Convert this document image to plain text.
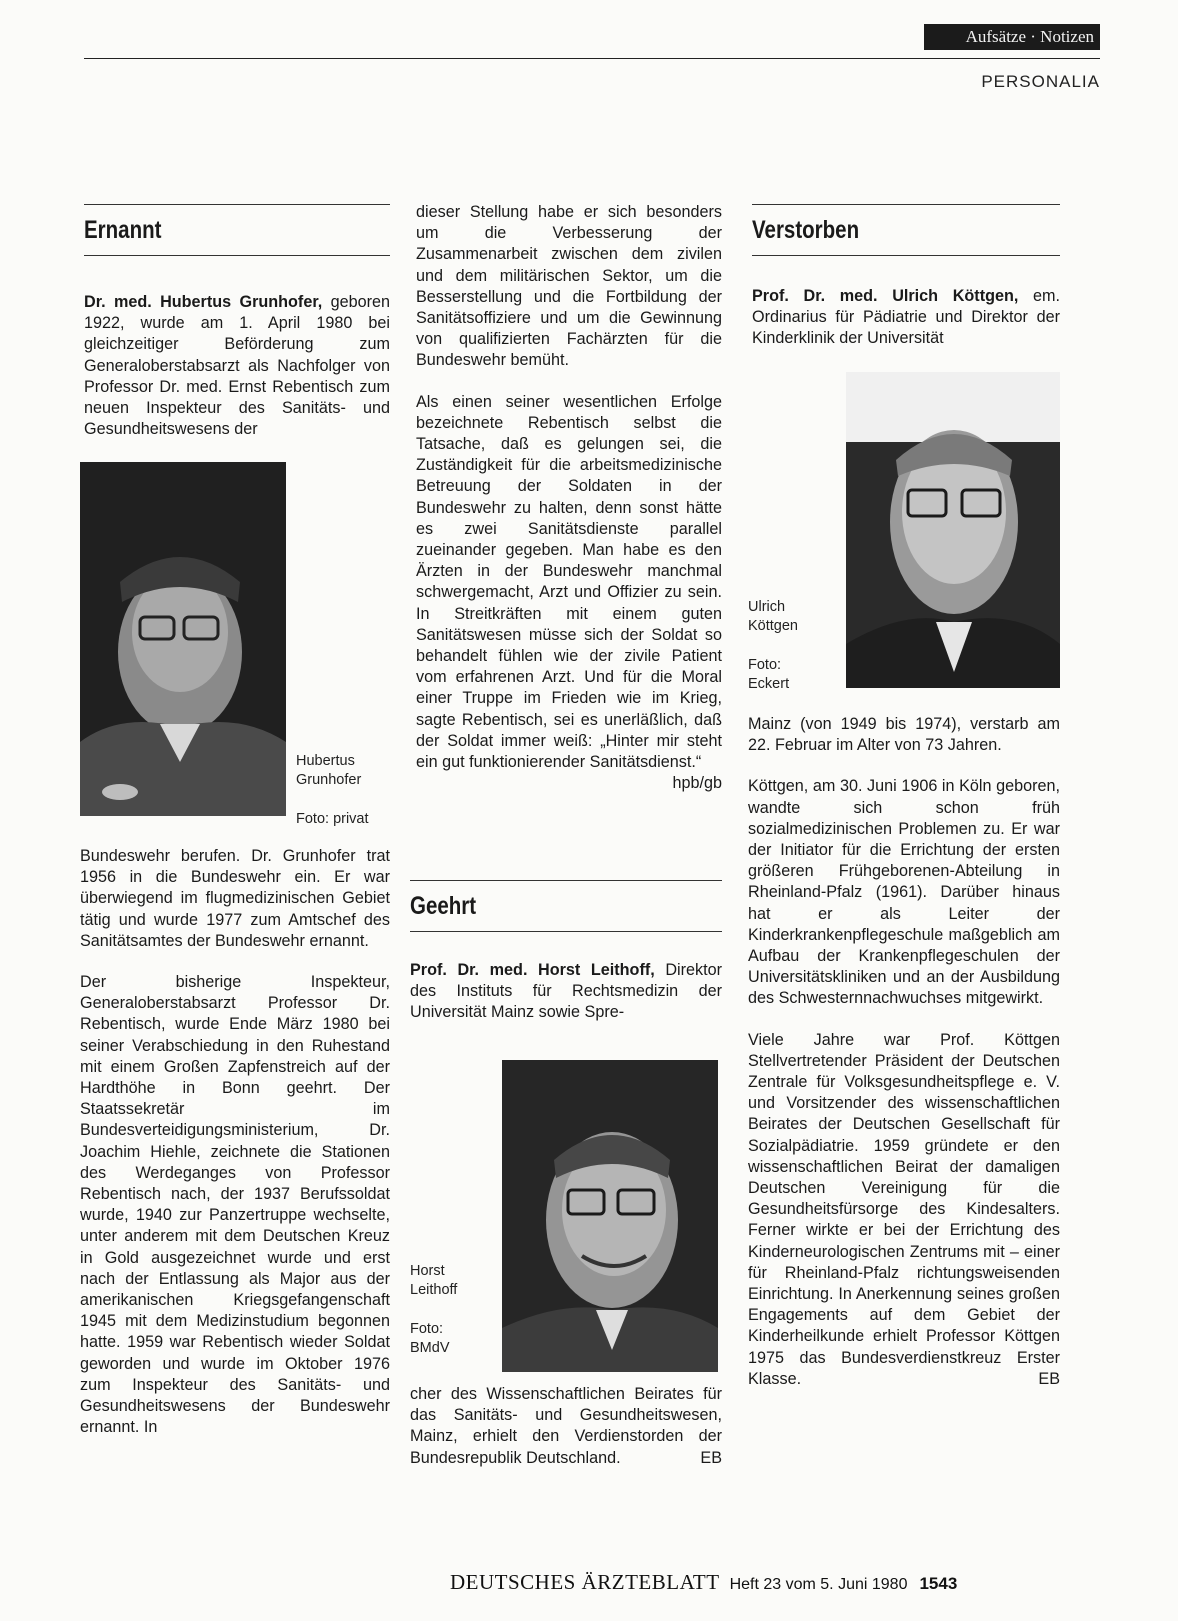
Aufsätze · Notizen
PERSONALIA
Ernannt

Dr. med. Hubertus Grunhofer, geboren 1922, wurde am 1. April 1980 bei gleichzeitiger Beförderung zum Generaloberstabsarzt als Nachfolger von Professor Dr. med. Ernst Rebentisch zum neuen Inspekteur des Sanitäts- und Gesundheitswesens der

Hubertus
Grunhofer
Foto: privat

Bundeswehr berufen. Dr. Grunhofer trat 1956 in die Bundeswehr ein. Er war überwiegend im flugmedizinischen Gebiet tätig und wurde 1977 zum Amtschef des Sanitätsamtes der Bundeswehr ernannt.

Der bisherige Inspekteur, Generaloberstabsarzt Professor Dr. Rebentisch, wurde Ende März 1980 bei seiner Verabschiedung in den Ruhestand mit einem Großen Zapfenstreich auf der Hardthöhe in Bonn geehrt. Der Staatssekretär im Bundesverteidigungsministerium, Dr. Joachim Hiehle, zeichnete die Stationen des Werdeganges von Professor Rebentisch nach, der 1937 Berufssoldat wurde, 1940 zur Panzertruppe wechselte, unter anderem mit dem Deutschen Kreuz in Gold ausgezeichnet wurde und erst nach der Entlassung als Major aus der amerikanischen Kriegsgefangenschaft 1945 mit dem Medizinstudium begonnen hatte. 1959 war Rebentisch wieder Soldat geworden und wurde im Oktober 1976 zum Inspekteur des Sanitäts- und Gesundheitswesens der Bundeswehr ernannt. In

dieser Stellung habe er sich besonders um die Verbesserung der Zusammenarbeit zwischen dem zivilen und dem militärischen Sektor, um die Besserstellung und die Fortbildung der Sanitätsoffiziere und um die Gewinnung von qualifizierten Fachärzten für die Bundeswehr bemüht.

Als einen seiner wesentlichen Erfolge bezeichnete Rebentisch selbst die Tatsache, daß es gelungen sei, die Zuständigkeit für die arbeitsmedizinische Betreuung der Soldaten in der Bundeswehr zu halten, denn sonst hätte es zwei Sanitätsdienste parallel zueinander gegeben. Man habe es den Ärzten in der Bundeswehr manchmal schwergemacht, Arzt und Offizier zu sein. In Streitkräften mit einem guten Sanitätswesen müsse sich der Soldat so behandelt fühlen wie der zivile Patient vom erfahrenen Arzt. Und für die Moral einer Truppe im Frieden wie im Krieg, sagte Rebentisch, sei es unerläßlich, daß der Soldat immer weiß: „Hinter mir steht ein gut funktionierender Sanitätsdienst.“
hpb/gb

Geehrt

Prof. Dr. med. Horst Leithoff, Direktor des Instituts für Rechtsmedizin der Universität Mainz sowie Spre-

Horst
Leithoff
Foto:
BMdV

cher des Wissenschaftlichen Beirates für das Sanitäts- und Gesundheitswesen, Mainz, erhielt den Verdienstorden der Bundesrepublik Deutschland.	EB

Verstorben

Prof. Dr. med. Ulrich Köttgen, em. Ordinarius für Pädiatrie und Direktor der Kinderklinik der Universität

Ulrich
Köttgen
Foto:
Eckert

Mainz (von 1949 bis 1974), verstarb am 22. Februar im Alter von 73 Jahren.

Köttgen, am 30. Juni 1906 in Köln geboren, wandte sich schon früh sozialmedizinischen Problemen zu. Er war der Initiator für die Errichtung der ersten größeren Frühgeborenen-Abteilung in Rheinland-Pfalz (1961). Darüber hinaus hat er als Leiter der Kinderkrankenpflegeschule maßgeblich am Aufbau der Krankenpflegeschulen der Universitätskliniken und an der Ausbildung des Schwesternnachwuchses mitgewirkt.

Viele Jahre war Prof. Köttgen Stellvertretender Präsident der Deutschen Zentrale für Volksgesundheitspflege e. V. und Vorsitzender des wissenschaftlichen Beirates der Deutschen Gesellschaft für Sozialpädiatrie. 1959 gründete er den wissenschaftlichen Beirat der damaligen Deutschen Vereinigung für die Gesundheitsfürsorge des Kindesalters. Ferner wirkte er bei der Errichtung des Kinderneurologischen Zentrums mit – einer für Rheinland-Pfalz richtungsweisenden Einrichtung. In Anerkennung seines großen Engagements auf dem Gebiet der Kinderheilkunde erhielt Professor Köttgen 1975 das Bundesverdienstkreuz Erster Klasse.	EB

DEUTSCHES ÄRZTEBLATT Heft 23 vom 5. Juni 1980 1543
